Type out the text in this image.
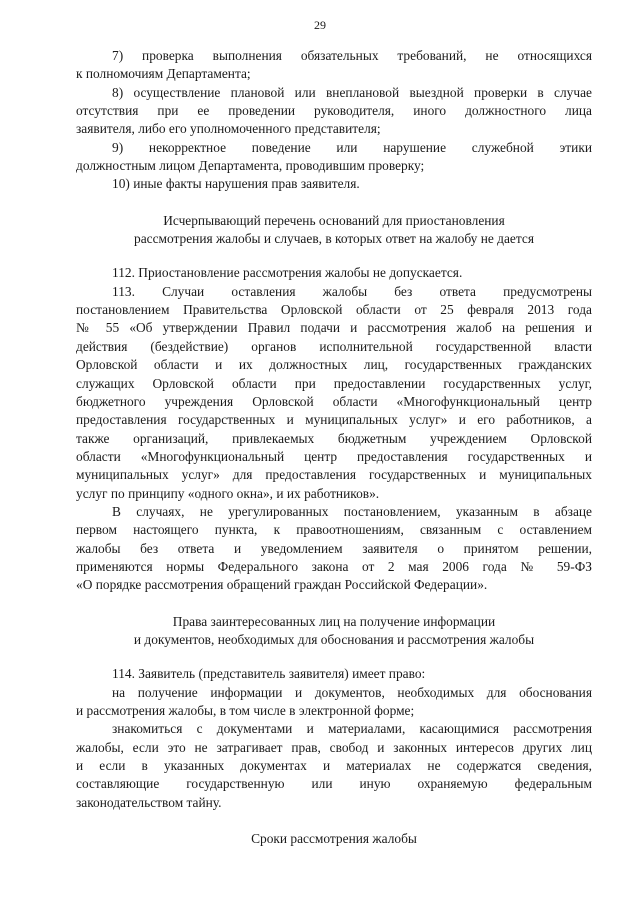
29
7) проверка выполнения обязательных требований, не относящихся
к полномочиям Департамента;
8) осуществление плановой или внеплановой выездной проверки в случае
отсутствия при ее проведении руководителя, иного должностного лица
заявителя, либо его уполномоченного представителя;
9) некорректное поведение или нарушение служебной этики
должностным лицом Департамента, проводившим проверку;
10) иные факты нарушения прав заявителя.
Исчерпывающий перечень оснований для приостановления
рассмотрения жалобы и случаев, в которых ответ на жалобу не дается
112. Приостановление рассмотрения жалобы не допускается.
113. Случаи оставления жалобы без ответа предусмотрены
постановлением Правительства Орловской области от 25 февраля 2013 года
№ 55 «Об утверждении Правил подачи и рассмотрения жалоб на решения и
действия (бездействие) органов исполнительной государственной власти
Орловской области и их должностных лиц, государственных гражданских
служащих Орловской области при предоставлении государственных услуг,
бюджетного учреждения Орловской области «Многофункциональный центр
предоставления государственных и муниципальных услуг» и его работников, а
также организаций, привлекаемых бюджетным учреждением Орловской
области «Многофункциональный центр предоставления государственных и
муниципальных услуг» для предоставления государственных и муниципальных
услуг по принципу «одного окна», и их работников».
В случаях, не урегулированных постановлением, указанным в абзаце
первом настоящего пункта, к правоотношениям, связанным с оставлением
жалобы без ответа и уведомлением заявителя о принятом решении,
применяются нормы Федерального закона от 2 мая 2006 года № 59-ФЗ
«О порядке рассмотрения обращений граждан Российской Федерации».
Права заинтересованных лиц на получение информации
и документов, необходимых для обоснования и рассмотрения жалобы
114. Заявитель (представитель заявителя) имеет право:
на получение информации и документов, необходимых для обоснования
и рассмотрения жалобы, в том числе в электронной форме;
знакомиться с документами и материалами, касающимися рассмотрения
жалобы, если это не затрагивает прав, свобод и законных интересов других лиц
и если в указанных документах и материалах не содержатся сведения,
составляющие государственную или иную охраняемую федеральным
законодательством тайну.
Сроки рассмотрения жалобы
